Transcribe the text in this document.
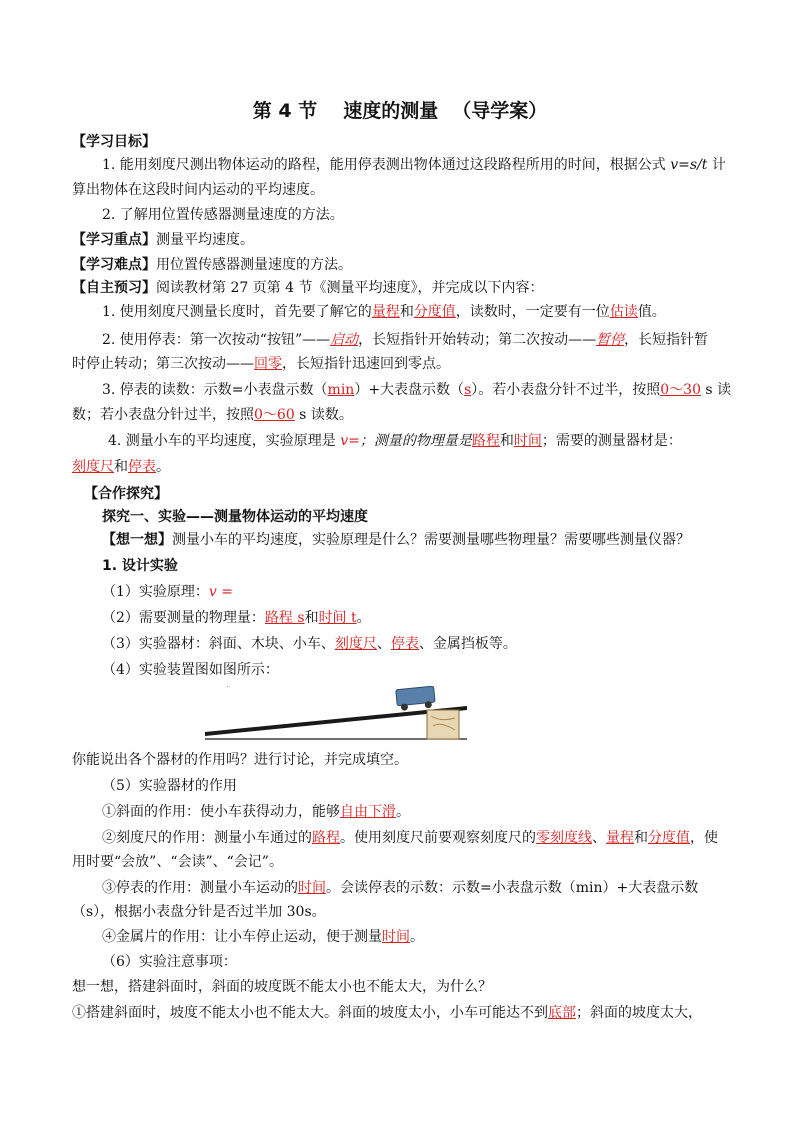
第 4 节 速度的测量 （导学案）
【学习目标】
1. 能用刻度尺测出物体运动的路程，能用停表测出物体通过这段路程所用的时间，根据公式 v=s/t 计
算出物体在这段时间内运动的平均速度。
2. 了解用位置传感器测量速度的方法。
【学习重点】测量平均速度。
【学习难点】用位置传感器测量速度的方法。
【自主预习】阅读教材第 27 页第 4 节《测量平均速度》，并完成以下内容：
1. 使用刻度尺测量长度时，首先要了解它的量程和分度值，读数时，一定要有一位估读值。
2. 使用停表：第一次按动“按钮”——启动，长短指针开始转动；第二次按动——暂停，长短指针暂
时停止转动；第三次按动——回零，长短指针迅速回到零点。
3. 停表的读数：示数=小表盘示数（min）+大表盘示数（s）。若小表盘分针不过半，按照0～30 s 读
数；若小表盘分针过半，按照0～60 s 读数。
4. 测量小车的平均速度，实验原理是 v=；测量的物理量是路程和时间；需要的测量器材是：
刻度尺和停表。
【合作探究】
探究一、实验——测量物体运动的平均速度
【想一想】测量小车的平均速度，实验原理是什么？需要测量哪些物理量？需要哪些测量仪器？
1. 设计实验
（1）实验原理：v =
（2）需要测量的物理量：路程 s和时间 t。
（3）实验器材：斜面、木块、小车、刻度尺、停表、金属挡板等。
（4）实验装置图如图所示：
你能说出各个器材的作用吗？进行讨论，并完成填空。
（5）实验器材的作用
①斜面的作用：使小车获得动力，能够自由下滑。
②刻度尺的作用：测量小车通过的路程。使用刻度尺前要观察刻度尺的零刻度线、量程和分度值，使
用时要“会放”、“会读”、“会记”。
③停表的作用：测量小车运动的时间。会读停表的示数：示数=小表盘示数（min）+大表盘示数
（s），根据小表盘分针是否过半加 30s。
④金属片的作用：让小车停止运动，便于测量时间。
（6）实验注意事项：
想一想，搭建斜面时，斜面的坡度既不能太小也不能太大，为什么？
①搭建斜面时，坡度不能太小也不能太大。斜面的坡度太小，小车可能达不到底部；斜面的坡度太大，
